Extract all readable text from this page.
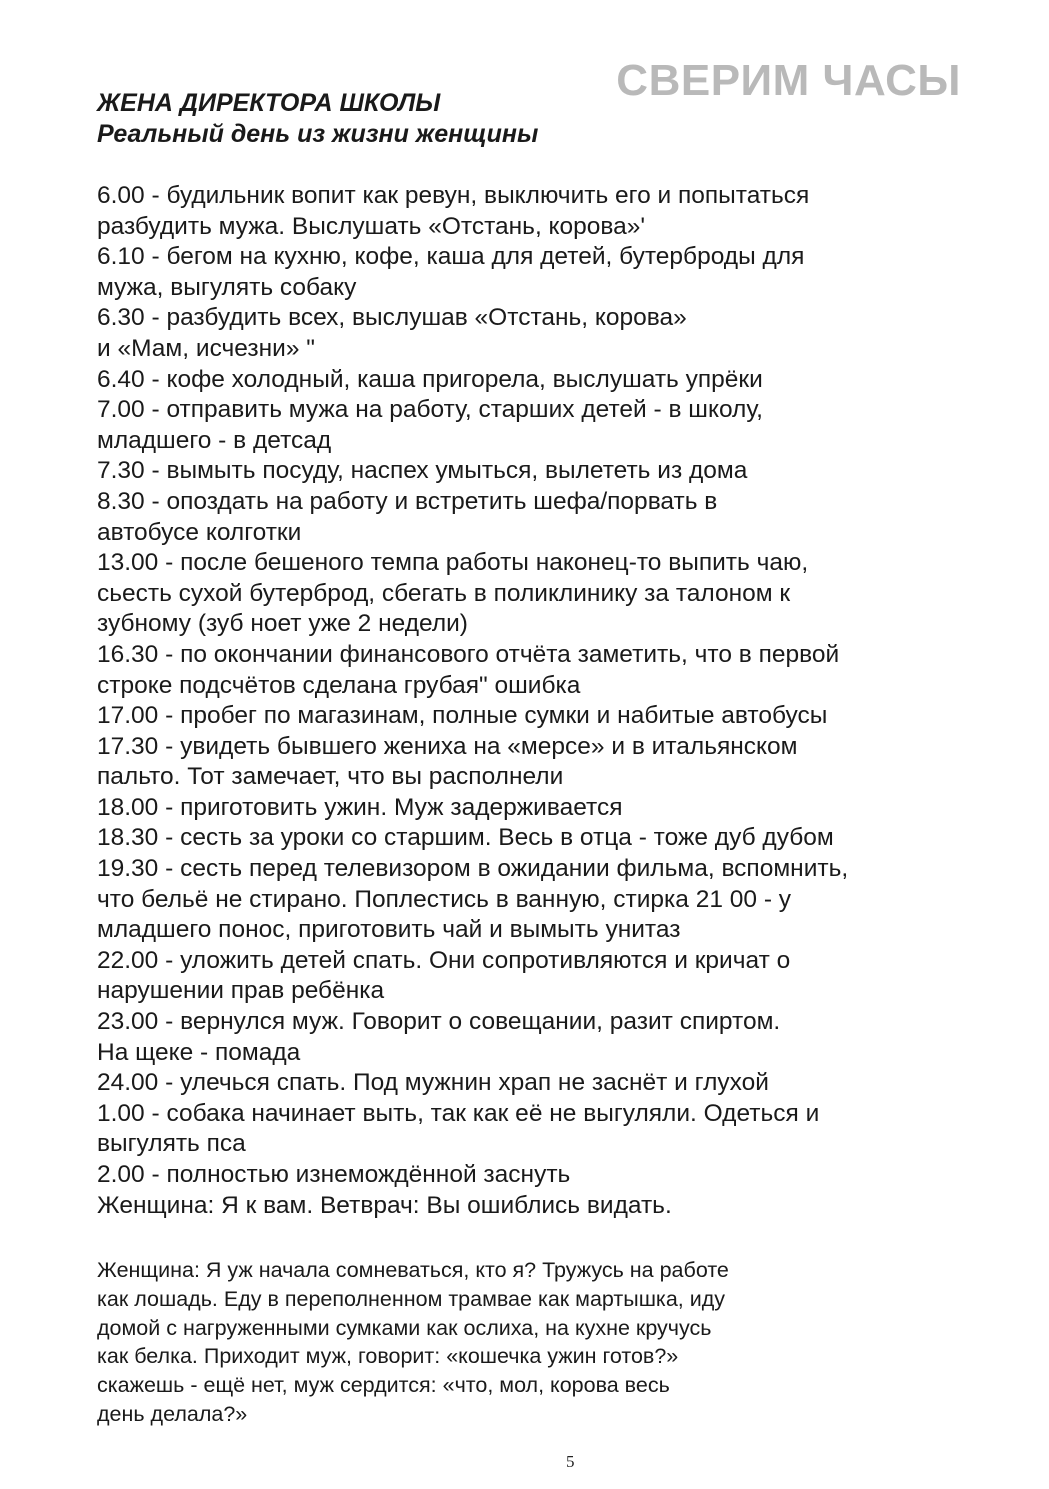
СВЕРИМ ЧАСЫ
ЖЕНА ДИРЕКТОРА ШКОЛЫ
Реальный день из жизни женщины
6.00 - будильник вопит как ревун, выключить его и попытаться
разбудить мужа. Выслушать «Отстань, корова»'
6.10 - бегом на кухню, кофе, каша для детей, бутерброды для
мужа, выгулять собаку
6.30 - разбудить всех, выслушав «Отстань, корова»
и «Мам, исчезни» "
6.40 - кофе холодный, каша пригорела, выслушать упрёки
7.00 - отправить мужа на работу, старших детей - в школу,
младшего - в детсад
7.30 - вымыть посуду, наспех умыться, вылететь из дома
8.30 - опоздать на работу и встретить шефа/порвать в
автобусе колготки
13.00 - после бешеного темпа работы наконец-то выпить чаю,
сьесть сухой бутерброд, сбегать в поликлинику за талоном к
зубному (зуб ноет уже 2 недели)
16.30 - по окончании финансового отчёта заметить, что в первой
строке подсчётов сделана грубая" ошибка
17.00 - пробег по магазинам, полные сумки и набитые автобусы
17.30 - увидеть бывшего жениха на «мерсе» и в итальянском
пальто. Тот замечает, что вы располнели
18.00 - приготовить ужин. Муж задерживается
18.30 - сесть за уроки со старшим. Весь в отца - тоже дуб дубом
19.30 - сесть перед телевизором в ожидании фильма, вспомнить,
что бельё не стирано. Поплестись в ванную, стирка 21 00 - у
младшего понос, приготовить чай и вымыть унитаз
22.00 - уложить детей спать. Они сопротивляются и кричат о
нарушении прав ребёнка
23.00 - вернулся муж. Говорит о совещании, разит спиртом.
На щеке - помада
24.00 - улечься спать. Под мужнин храп не заснёт и глухой
1.00 - собака начинает выть, так как её не выгуляли. Одеться и
выгулять пса
2.00 - полностью изнемождённой заснуть
Женщина: Я к вам. Ветврач: Вы ошиблись видать.
Женщина: Я уж начала сомневаться, кто я? Тружусь на работе
как лошадь. Еду в переполненном трамвае как мартышка, иду
домой с нагруженными сумками как ослиха, на кухне кручусь
как белка. Приходит муж, говорит: «кошечка ужин готов?»
скажешь - ещё нет, муж сердится: «что, мол, корова весь
день делала?»
5
